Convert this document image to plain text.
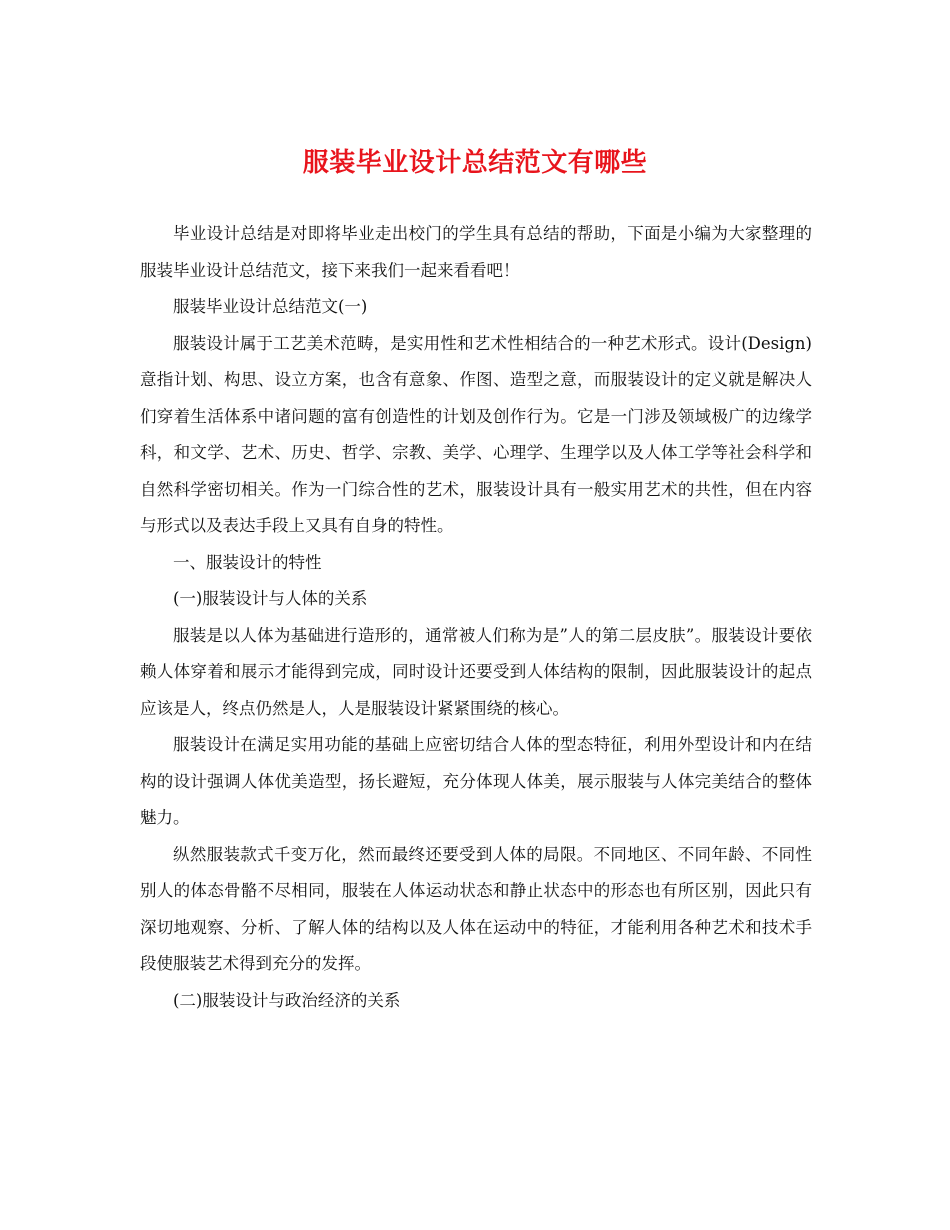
服装毕业设计总结范文有哪些

毕业设计总结是对即将毕业走出校门的学生具有总结的帮助，下面是小编为大家整理的服装毕业设计总结范文，接下来我们一起来看看吧！

服装毕业设计总结范文(一)

服装设计属于工艺美术范畴，是实用性和艺术性相结合的一种艺术形式。设计(Design)意指计划、构思、设立方案，也含有意象、作图、造型之意，而服装设计的定义就是解决人们穿着生活体系中诸问题的富有创造性的计划及创作行为。它是一门涉及领域极广的边缘学科，和文学、艺术、历史、哲学、宗教、美学、心理学、生理学以及人体工学等社会科学和自然科学密切相关。作为一门综合性的艺术，服装设计具有一般实用艺术的共性，但在内容与形式以及表达手段上又具有自身的特性。

一、服装设计的特性

(一)服装设计与人体的关系

服装是以人体为基础进行造形的，通常被人们称为是”人的第二层皮肤”。服装设计要依赖人体穿着和展示才能得到完成，同时设计还要受到人体结构的限制，因此服装设计的起点应该是人，终点仍然是人，人是服装设计紧紧围绕的核心。

服装设计在满足实用功能的基础上应密切结合人体的型态特征，利用外型设计和内在结构的设计强调人体优美造型，扬长避短，充分体现人体美，展示服装与人体完美结合的整体魅力。

纵然服装款式千变万化，然而最终还要受到人体的局限。不同地区、不同年龄、不同性别人的体态骨骼不尽相同，服装在人体运动状态和静止状态中的形态也有所区别，因此只有深切地观察、分析、了解人体的结构以及人体在运动中的特征，才能利用各种艺术和技术手段使服装艺术得到充分的发挥。

(二)服装设计与政治经济的关系
